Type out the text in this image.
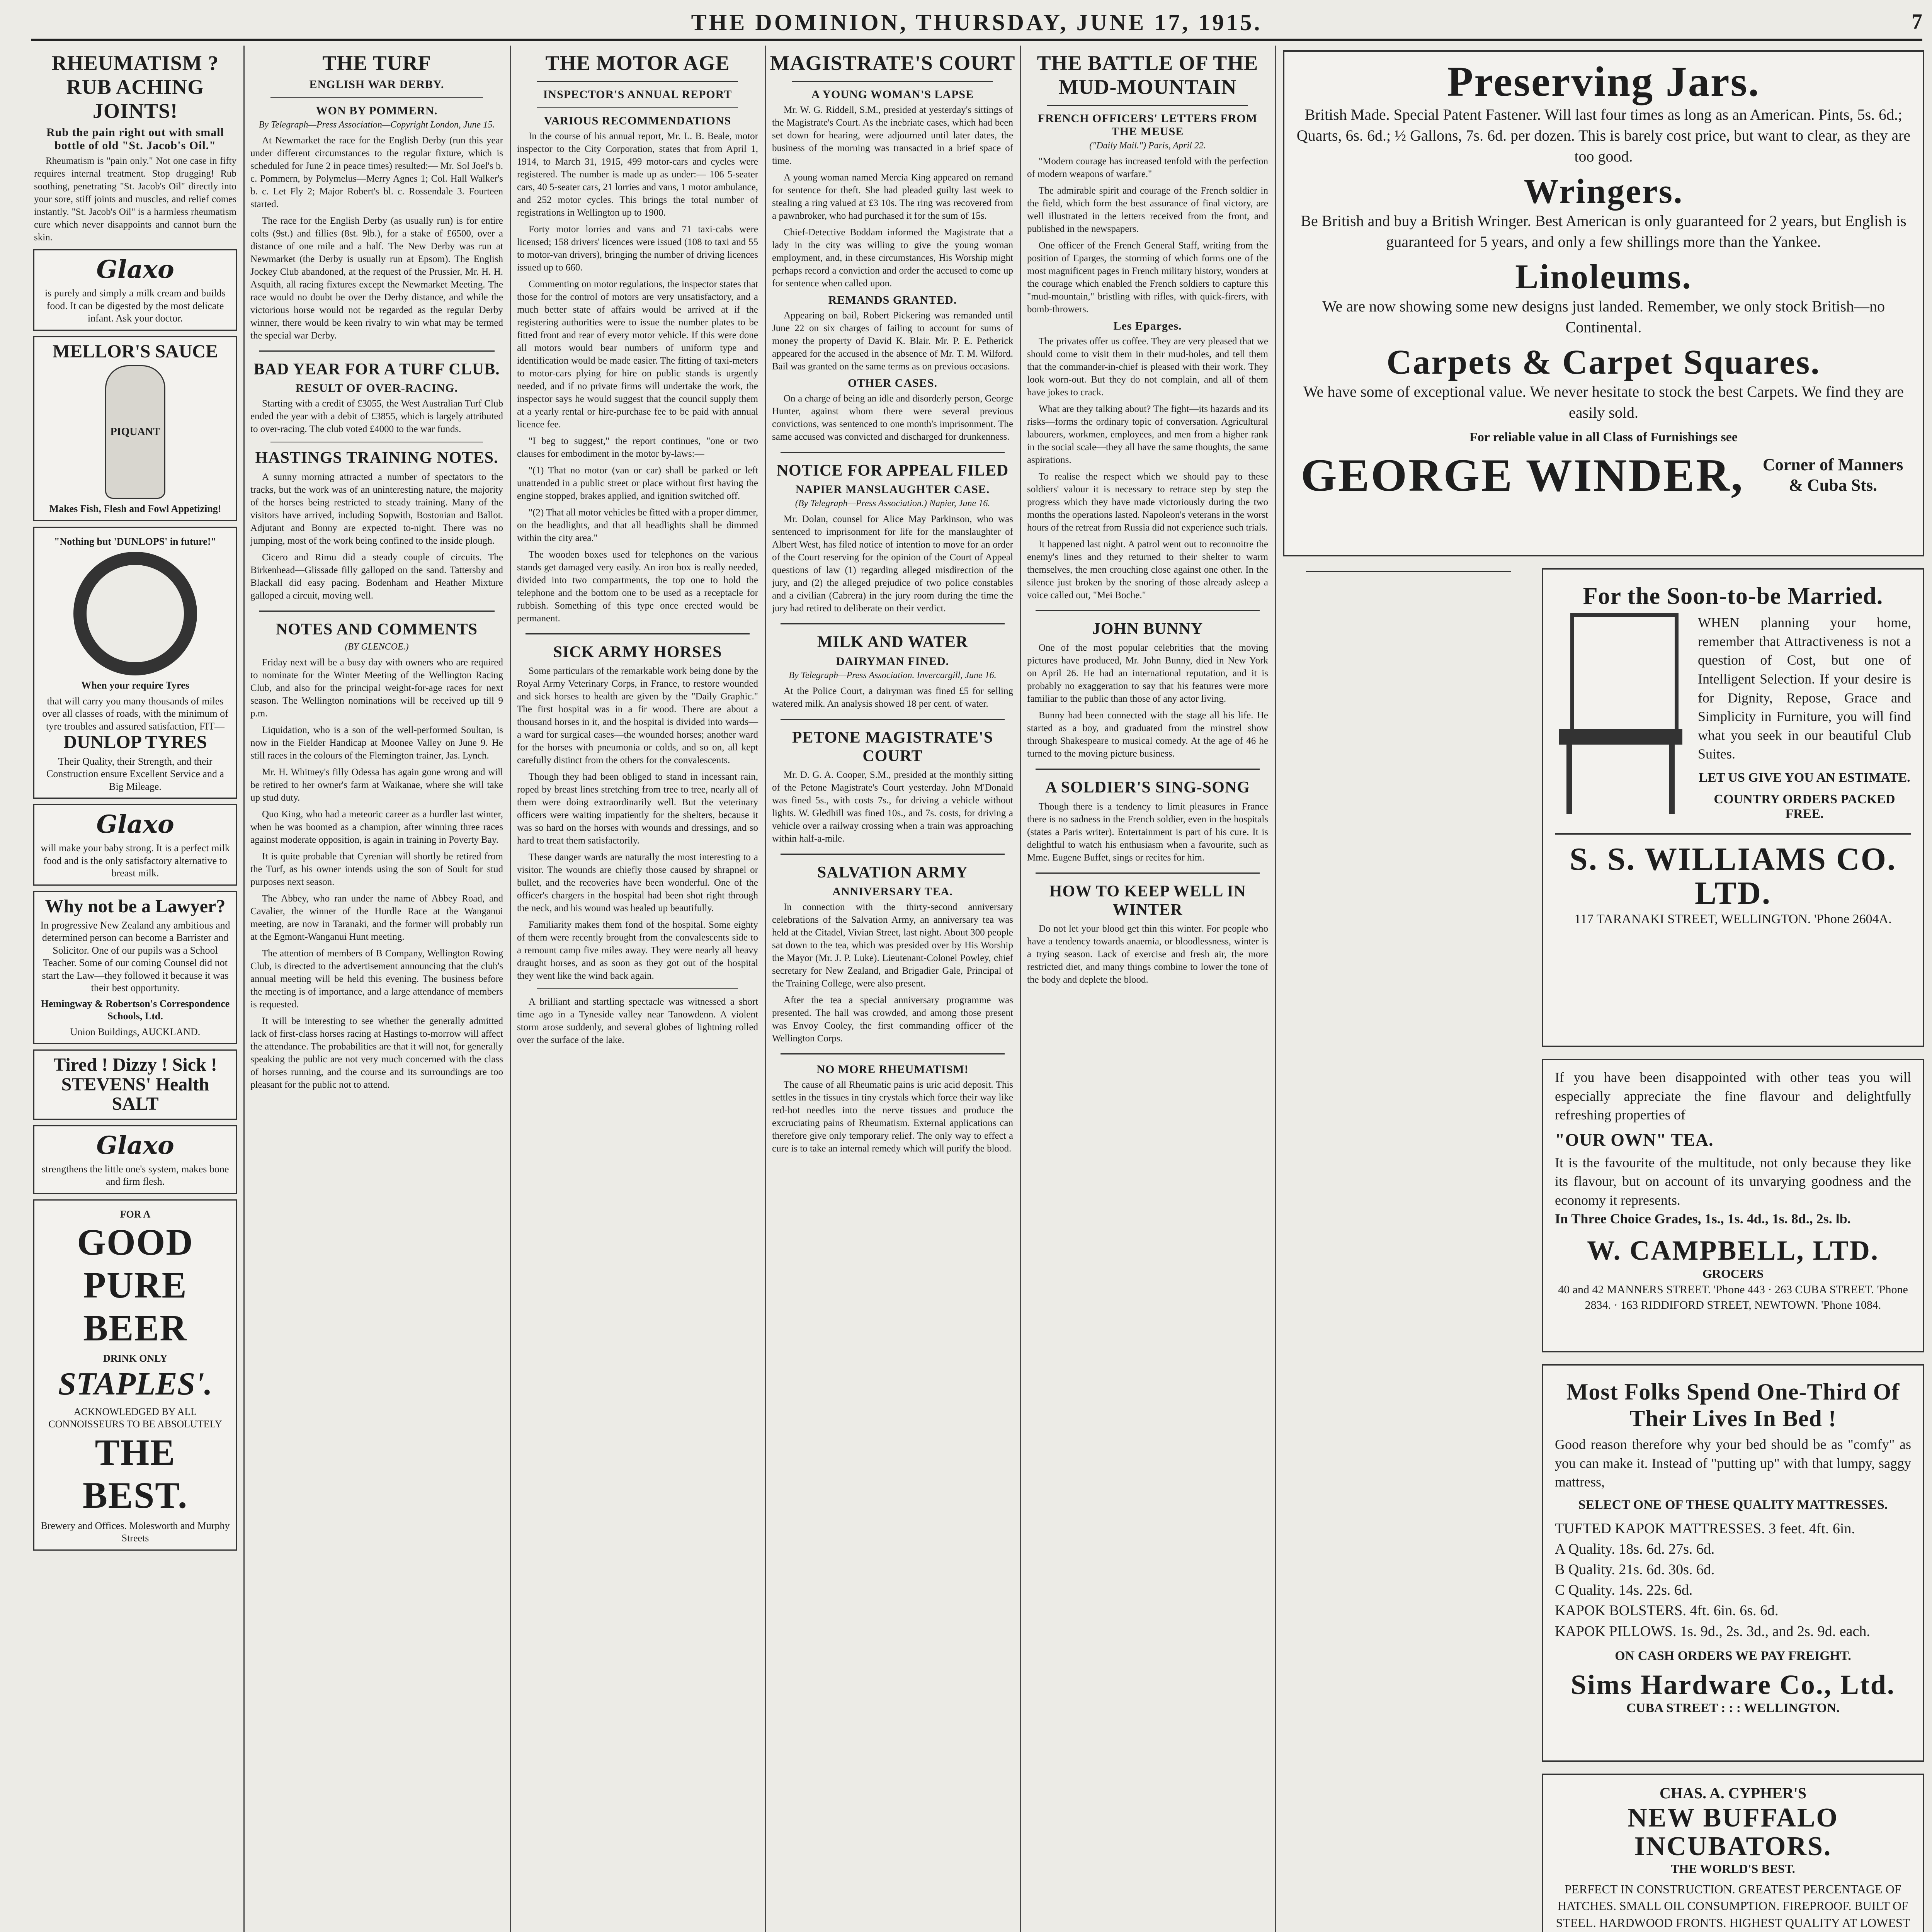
THE DOMINION, THURSDAY, JUNE 17, 1915.	7
RHEUMATISM ? RUB ACHING JOINTS!
Rub the pain right out with small bottle of old "St. Jacob's Oil."
Rheumatism is "pain only." Not one case in fifty requires internal treatment. Stop drugging! Rub soothing, penetrating "St. Jacob's Oil" directly into your sore, stiff joints and muscles, and relief comes instantly. "St. Jacob's Oil" is a harmless rheumatism cure which never disappoints and cannot burn the skin.
Glaxo
is purely and simply a milk cream and builds food. It can be digested by the most delicate infant. Ask your doctor.
MELLOR'S SAUCE
PIQUANT
Makes Fish, Flesh and Fowl Appetizing!
"Nothing but 'DUNLOPS' in future!"
When your require Tyres
that will carry you many thousands of miles over all classes of roads, with the minimum of tyre troubles and assured satisfaction, FIT—
DUNLOP TYRES
Their Quality, their Strength, and their Construction ensure Excellent Service and a Big Mileage.
Glaxo
will make your baby strong. It is a perfect milk food and is the only satisfactory alternative to breast milk.
Why not be a Lawyer?
In progressive New Zealand any ambitious and determined person can become a Barrister and Solicitor. One of our pupils was a School Teacher. Some of our coming Counsel did not start the Law—they followed it because it was their best opportunity.
Hemingway & Robertson's Correspondence Schools, Ltd.
Union Buildings, AUCKLAND.
Tired ! Dizzy ! Sick !
STEVENS' Health SALT
Glaxo
strengthens the little one's system, makes bone and firm flesh.
FOR A
GOOD PURE BEER
DRINK ONLY
STAPLES'.
ACKNOWLEDGED BY ALL CONNOISSEURS TO BE ABSOLUTELY
THE BEST.
Brewery and Offices. Molesworth and Murphy Streets
THE TURF
ENGLISH WAR DERBY.
WON BY POMMERN.
By Telegraph—Press Association—Copyright London, June 15.

At Newmarket the race for the English Derby (run this year under different circumstances to the regular fixture, which is scheduled for June 2 in peace times) resulted:— Mr. Sol Joel's b. c. Pommern, by Polymelus—Merry Agnes 1; Col. Hall Walker's b. c. Let Fly 2; Major Robert's bl. c. Rossendale 3. Fourteen started.

The race for the English Derby (as usually run) is for entire colts (9st.) and fillies (8st. 9lb.), for a stake of £6500, over a distance of one mile and a half. The New Derby was run at Newmarket (the Derby is usually run at Epsom). The English Jockey Club abandoned, at the request of the Prussier, Mr. H. H. Asquith, all racing fixtures except the Newmarket Meeting. The race would no doubt be over the Derby distance, and while the victorious horse would not be regarded as the regular Derby winner, there would be keen rivalry to win what may be termed the special war Derby.

BAD YEAR FOR A TURF CLUB.
RESULT OF OVER-RACING.

Starting with a credit of £3055, the West Australian Turf Club ended the year with a debit of £3855, which is largely attributed to over-racing. The club voted £4000 to the war funds.

HASTINGS TRAINING NOTES.

A sunny morning attracted a number of spectators to the tracks, but the work was of an uninteresting nature, the majority of the horses being restricted to steady training. Many of the visitors have arrived, including Sopwith, Bostonian and Ballot. Adjutant and Bonny are expected to-night. There was no jumping, most of the work being confined to the inside plough.

Cicero and Rimu did a steady couple of circuits. The Birkenhead—Glissade filly galloped on the sand. Tattersby and Blackall did easy pacing. Bodenham and Heather Mixture galloped a circuit, moving well.

NOTES AND COMMENTS
(BY GLENCOE.)

Friday next will be a busy day with owners who are required to nominate for the Winter Meeting of the Wellington Racing Club, and also for the principal weight-for-age races for next season. The Wellington nominations will be received up till 9 p.m.

Liquidation, who is a son of the well-performed Soultan, is now in the Fielder Handicap at Moonee Valley on June 9. He still races in the colours of the Flemington trainer, Jas. Lynch.

Mr. H. Whitney's filly Odessa has again gone wrong and will be retired to her owner's farm at Waikanae, where she will take up stud duty.

Quo King, who had a meteoric career as a hurdler last winter, when he was boomed as a champion, after winning three races against moderate opposition, is again in training in Poverty Bay.

It is quite probable that Cyrenian will shortly be retired from the Turf, as his owner intends using the son of Soult for stud purposes next season.

The Abbey, who ran under the name of Abbey Road, and Cavalier, the winner of the Hurdle Race at the Wanganui meeting, are now in Taranaki, and the former will probably run at the Egmont-Wanganui Hunt meeting.

The attention of members of B Company, Wellington Rowing Club, is directed to the advertisement announcing that the club's annual meeting will be held this evening. The business before the meeting is of importance, and a large attendance of members is requested.

It will be interesting to see whether the generally admitted lack of first-class horses racing at Hastings to-morrow will affect the attendance. The probabilities are that it will not, for generally speaking the public are not very much concerned with the class of horses running, and the course and its surroundings are too pleasant for the public not to attend.

THE MOTOR AGE
INSPECTOR'S ANNUAL REPORT
VARIOUS RECOMMENDATIONS

In the course of his annual report, Mr. L. B. Beale, motor inspector to the City Corporation, states that from April 1, 1914, to March 31, 1915, 499 motor-cars and cycles were registered. The number is made up as under:— 106 5-seater cars, 40 5-seater cars, 21 lorries and vans, 1 motor ambulance, and 252 motor cycles. This brings the total number of registrations in Wellington up to 1900.

Forty motor lorries and vans and 71 taxi-cabs were licensed; 158 drivers' licences were issued (108 to taxi and 55 to motor-van drivers), bringing the number of driving licences issued up to 660.

Commenting on motor regulations, the inspector states that those for the control of motors are very unsatisfactory, and a much better state of affairs would be arrived at if the registering authorities were to issue the number plates to be fitted front and rear of every motor vehicle. If this were done all motors would bear numbers of uniform type and identification would be made easier. The fitting of taxi-meters to motor-cars plying for hire on public stands is urgently needed, and if no private firms will undertake the work, the inspector says he would suggest that the council supply them at a yearly rental or hire-purchase fee to be paid with annual licence fee.

"I beg to suggest," the report continues, "one or two clauses for embodiment in the motor by-laws:—

"(1) That no motor (van or car) shall be parked or left unattended in a public street or place without first having the engine stopped, brakes applied, and ignition switched off.

"(2) That all motor vehicles be fitted with a proper dimmer, on the headlights, and that all headlights shall be dimmed within the city area."

The wooden boxes used for telephones on the various stands get damaged very easily. An iron box is really needed, divided into two compartments, the top one to hold the telephone and the bottom one to be used as a receptacle for rubbish. Something of this type once erected would be permanent.

SICK ARMY HORSES

Some particulars of the remarkable work being done by the Royal Army Veterinary Corps, in France, to restore wounded and sick horses to health are given by the "Daily Graphic." The first hospital was in a fir wood. There are about a thousand horses in it, and the hospital is divided into wards—a ward for surgical cases—the wounded horses; another ward for the horses with pneumonia or colds, and so on, all kept carefully distinct from the others for the convalescents.

Though they had been obliged to stand in incessant rain, roped by breast lines stretching from tree to tree, nearly all of them were doing extraordinarily well. But the veterinary officers were waiting impatiently for the shelters, because it was so hard on the horses with wounds and dressings, and so hard to treat them satisfactorily.

These danger wards are naturally the most interesting to a visitor. The wounds are chiefly those caused by shrapnel or bullet, and the recoveries have been wonderful. One of the officer's chargers in the hospital had been shot right through the neck, and his wound was healed up beautifully.

Familiarity makes them fond of the hospital. Some eighty of them were recently brought from the convalescents side to a remount camp five miles away. They were nearly all heavy draught horses, and as soon as they got out of the hospital they went like the wind back again.

A brilliant and startling spectacle was witnessed a short time ago in a Tyneside valley near Tanowdenn. A violent storm arose suddenly, and several globes of lightning rolled over the surface of the lake.

MAGISTRATE'S COURT
A YOUNG WOMAN'S LAPSE

Mr. W. G. Riddell, S.M., presided at yesterday's sittings of the Magistrate's Court. As the inebriate cases, which had been set down for hearing, were adjourned until later dates, the business of the morning was transacted in a brief space of time.

A young woman named Mercia King appeared on remand for sentence for theft. She had pleaded guilty last week to stealing a ring valued at £3 10s. The ring was recovered from a pawnbroker, who had purchased it for the sum of 15s.

Chief-Detective Boddam informed the Magistrate that a lady in the city was willing to give the young woman employment, and, in these circumstances, His Worship might perhaps record a conviction and order the accused to come up for sentence when called upon.

REMANDS GRANTED.

Appearing on bail, Robert Pickering was remanded until June 22 on six charges of failing to account for sums of money the property of David K. Blair. Mr. P. E. Petherick appeared for the accused in the absence of Mr. T. M. Wilford. Bail was granted on the same terms as on previous occasions.

OTHER CASES.

On a charge of being an idle and disorderly person, George Hunter, against whom there were several previous convictions, was sentenced to one month's imprisonment. The same accused was convicted and discharged for drunkenness.

NOTICE FOR APPEAL FILED
NAPIER MANSLAUGHTER CASE.
(By Telegraph—Press Association.) Napier, June 16.

Mr. Dolan, counsel for Alice May Parkinson, who was sentenced to imprisonment for life for the manslaughter of Albert West, has filed notice of intention to move for an order of the Court reserving for the opinion of the Court of Appeal questions of law (1) regarding alleged misdirection of the jury, and (2) the alleged prejudice of two police constables and a civilian (Cabrera) in the jury room during the time the jury had retired to deliberate on their verdict.

MILK AND WATER
DAIRYMAN FINED.
By Telegraph—Press Association. Invercargill, June 16.

At the Police Court, a dairyman was fined £5 for selling watered milk. An analysis showed 18 per cent. of water.

PETONE MAGISTRATE'S COURT

Mr. D. G. A. Cooper, S.M., presided at the monthly sitting of the Petone Magistrate's Court yesterday. John M'Donald was fined 5s., with costs 7s., for driving a vehicle without lights. W. Gledhill was fined 10s., and 7s. costs, for driving a vehicle over a railway crossing when a train was approaching within half-a-mile.

SALVATION ARMY
ANNIVERSARY TEA.

In connection with the thirty-second anniversary celebrations of the Salvation Army, an anniversary tea was held at the Citadel, Vivian Street, last night. About 300 people sat down to the tea, which was presided over by His Worship the Mayor (Mr. J. P. Luke). Lieutenant-Colonel Powley, chief secretary for New Zealand, and Brigadier Gale, Principal of the Training College, were also present.

After the tea a special anniversary programme was presented. The hall was crowded, and among those present was Envoy Cooley, the first commanding officer of the Wellington Corps.

NO MORE RHEUMATISM!

The cause of all Rheumatic pains is uric acid deposit. This settles in the tissues in tiny crystals which force their way like red-hot needles into the nerve tissues and produce the excruciating pains of Rheumatism. External applications can therefore give only temporary relief. The only way to effect a cure is to take an internal remedy which will purify the blood.

THE BATTLE OF THE MUD-MOUNTAIN
FRENCH OFFICERS' LETTERS FROM THE MEUSE
("Daily Mail.") Paris, April 22.

"Modern courage has increased tenfold with the perfection of modern weapons of warfare."

The admirable spirit and courage of the French soldier in the field, which form the best assurance of final victory, are well illustrated in the letters received from the front, and published in the newspapers.

One officer of the French General Staff, writing from the position of Eparges, the storming of which forms one of the most magnificent pages in French military history, wonders at the courage which enabled the French soldiers to capture this "mud-mountain," bristling with rifles, with quick-firers, with bomb-throwers.

Les Eparges.

The privates offer us coffee. They are very pleased that we should come to visit them in their mud-holes, and tell them that the commander-in-chief is pleased with their work. They look worn-out. But they do not complain, and all of them have jokes to crack.

What are they talking about? The fight—its hazards and its risks—forms the ordinary topic of conversation. Agricultural labourers, workmen, employees, and men from a higher rank in the social scale—they all have the same thoughts, the same aspirations.

To realise the respect which we should pay to these soldiers' valour it is necessary to retrace step by step the progress which they have made victoriously during the two months the operations lasted. Napoleon's veterans in the worst hours of the retreat from Russia did not experience such trials.

It happened last night. A patrol went out to reconnoitre the enemy's lines and they returned to their shelter to warm themselves, the men crouching close against one other. In the silence just broken by the snoring of those already asleep a voice called out, "Mei Boche."

JOHN BUNNY

One of the most popular celebrities that the moving pictures have produced, Mr. John Bunny, died in New York on April 26. He had an international reputation, and it is probably no exaggeration to say that his features were more familiar to the public than those of any actor living.

Bunny had been connected with the stage all his life. He started as a boy, and graduated from the minstrel show through Shakespeare to musical comedy. At the age of 46 he turned to the moving picture business.

A SOLDIER'S SING-SONG

Though there is a tendency to limit pleasures in France there is no sadness in the French soldier, even in the hospitals (states a Paris writer). Entertainment is part of his cure. It is delightful to watch his enthusiasm when a favourite, such as Mme. Eugene Buffet, sings or recites for him.

HOW TO KEEP WELL IN WINTER

Do not let your blood get thin this winter. For people who have a tendency towards anaemia, or bloodlessness, winter is a trying season. Lack of exercise and fresh air, the more restricted diet, and many things combine to lower the tone of the body and deplete the blood.

Preserving Jars.
British Made. Special Patent Fastener. Will last four times as long as an American. Pints, 5s. 6d.; Quarts, 6s. 6d.; ½ Gallons, 7s. 6d. per dozen. This is barely cost price, but want to clear, as they are too good.
Wringers.
Be British and buy a British Wringer. Best American is only guaranteed for 2 years, but English is guaranteed for 5 years, and only a few shillings more than the Yankee.
Linoleums.
We are now showing some new designs just landed. Remember, we only stock British—no Continental.
Carpets & Carpet Squares.
We have some of exceptional value. We never hesitate to stock the best Carpets. We find they are easily sold.
For reliable value in all Class of Furnishings see
GEORGE WINDER, Corner of Manners & Cuba Sts.
For the Soon-to-be Married.
WHEN planning your home, remember that Attractiveness is not a question of Cost, but one of Intelligent Selection. If your desire is for Dignity, Repose, Grace and Simplicity in Furniture, you will find what you seek in our beautiful Club Suites.
LET US GIVE YOU AN ESTIMATE.
COUNTRY ORDERS PACKED FREE.
S. S. WILLIAMS CO. LTD.
117 TARANAKI STREET, WELLINGTON. 'Phone 2604A.
If you have been disappointed with other teas you will especially appreciate the fine flavour and delightfully refreshing properties of
"OUR OWN" TEA.
It is the favourite of the multitude, not only because they like its flavour, but on account of its unvarying goodness and the economy it represents.
In Three Choice Grades, 1s., 1s. 4d., 1s. 8d., 2s. lb.
W. CAMPBELL, LTD.
GROCERS
40 and 42 MANNERS STREET. 'Phone 443 · 263 CUBA STREET. 'Phone 2834. · 163 RIDDIFORD STREET, NEWTOWN. 'Phone 1084.
Most Folks Spend One-Third Of Their Lives In Bed !
Good reason therefore why your bed should be as "comfy" as you can make it. Instead of "putting up" with that lumpy, saggy mattress,
SELECT ONE OF THESE QUALITY MATTRESSES.
TUFTED KAPOK MATTRESSES. 3 feet. 4ft. 6in.
A Quality. 18s. 6d. 27s. 6d.
B Quality. 21s. 6d. 30s. 6d.
C Quality. 14s. 22s. 6d.
KAPOK BOLSTERS. 4ft. 6in. 6s. 6d.
KAPOK PILLOWS. 1s. 9d., 2s. 3d., and 2s. 9d. each.
ON CASH ORDERS WE PAY FREIGHT.
Sims Hardware Co., Ltd.
CUBA STREET : : : WELLINGTON.
CHAS. A. CYPHER'S
NEW BUFFALO INCUBATORS.
THE WORLD'S BEST.
PERFECT IN CONSTRUCTION. GREATEST PERCENTAGE OF HATCHES. SMALL OIL CONSUMPTION. FIREPROOF. BUILT OF STEEL. HARDWOOD FRONTS. HIGHEST QUALITY AT LOWEST
